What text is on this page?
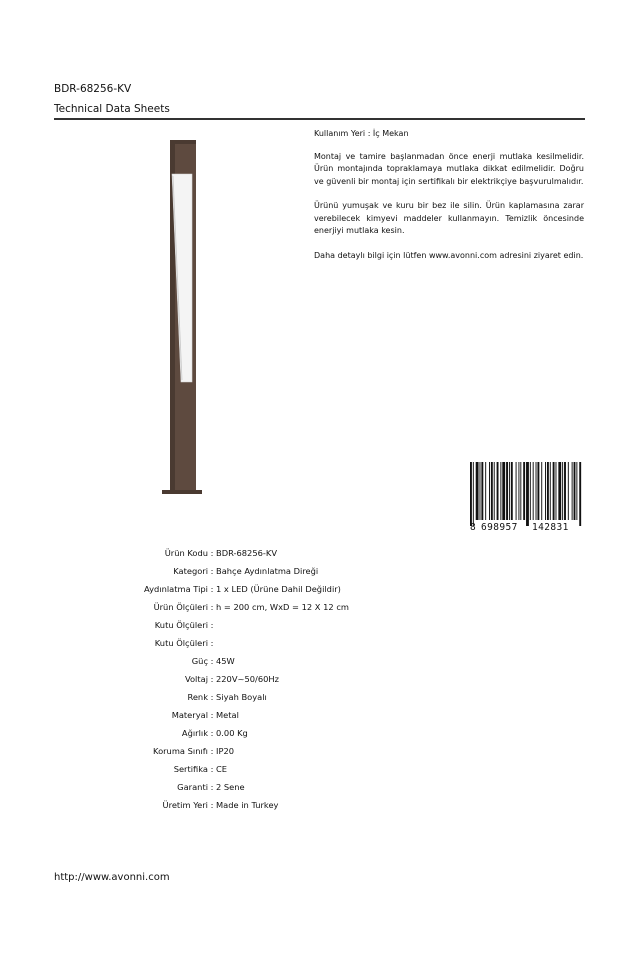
BDR-68256-KV
Technical Data Sheets

Kullanım Yeri : İç Mekan

Montaj ve tamire başlanmadan önce enerji mutlaka kesilmelidir. Ürün montajında topraklamaya mutlaka dikkat edilmelidir. Doğru ve güvenli bir montaj için sertifikalı bir elektrikçiye başvurulmalıdır.

Ürünü yumuşak ve kuru bir bez ile silin. Ürün kaplamasına zarar verebilecek kimyevi maddeler kullanmayın. Temizlik öncesinde enerjiyi mutlaka kesin.

Daha detaylı bilgi için lütfen www.avonni.com adresini ziyaret edin.

8 698957 142831
Ürün Kodu : BDR-68256-KV
Kategori : Bahçe Aydınlatma Direği
Aydınlatma Tipi : 1 x LED (Ürüne Dahil Değildir)
Ürün Ölçüleri : h = 200 cm, WxD = 12 X 12 cm
Kutu Ölçüleri :
Kutu Ölçüleri :
Güç : 45W
Voltaj : 220V~50/60Hz
Renk : Siyah Boyalı
Materyal : Metal
Ağırlık : 0.00 Kg
Koruma Sınıfı : IP20
Sertifika : CE
Garanti : 2 Sene
Üretim Yeri : Made in Turkey
http://www.avonni.com
